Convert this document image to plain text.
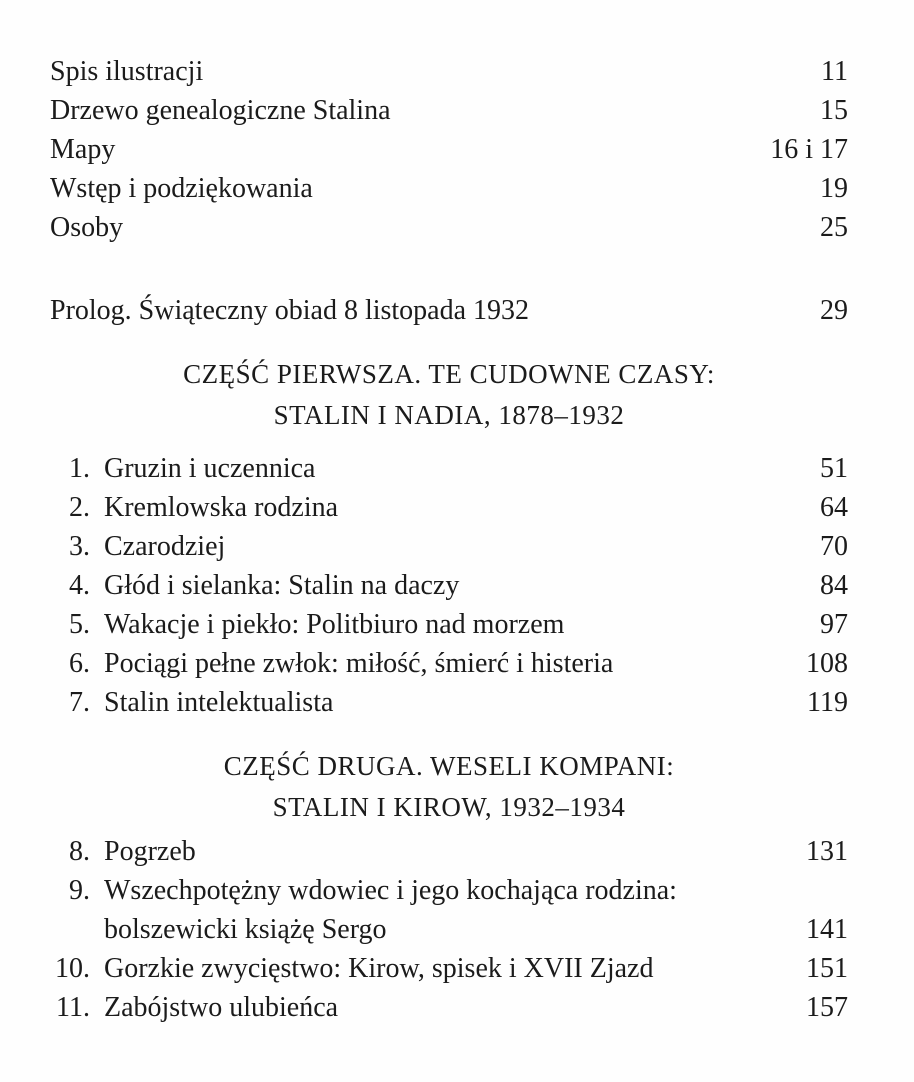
Spis ilustracji	11
Drzewo genealogiczne Stalina	15
Mapy	16 i 17
Wstęp i podziękowania	19
Osoby	25
Prolog. Świąteczny obiad 8 listopada 1932	29
CZĘŚĆ PIERWSZA. TE CUDOWNE CZASY:
STALIN I NADIA, 1878–1932
1. Gruzin i uczennica	51
2. Kremlowska rodzina	64
3. Czarodziej	70
4. Głód i sielanka: Stalin na daczy	84
5. Wakacje i piekło: Politbiuro nad morzem	97
6. Pociągi pełne zwłok: miłość, śmierć i histeria	108
7. Stalin intelektualista	119
CZĘŚĆ DRUGA. WESELI KOMPANI:
STALIN I KIROW, 1932–1934
8. Pogrzeb	131
9. Wszechpotężny wdowiec i jego kochająca rodzina:
bolszewicki książę Sergo	141
10. Gorzkie zwycięstwo: Kirow, spisek i XVII Zjazd	151
11. Zabójstwo ulubieńca	157
